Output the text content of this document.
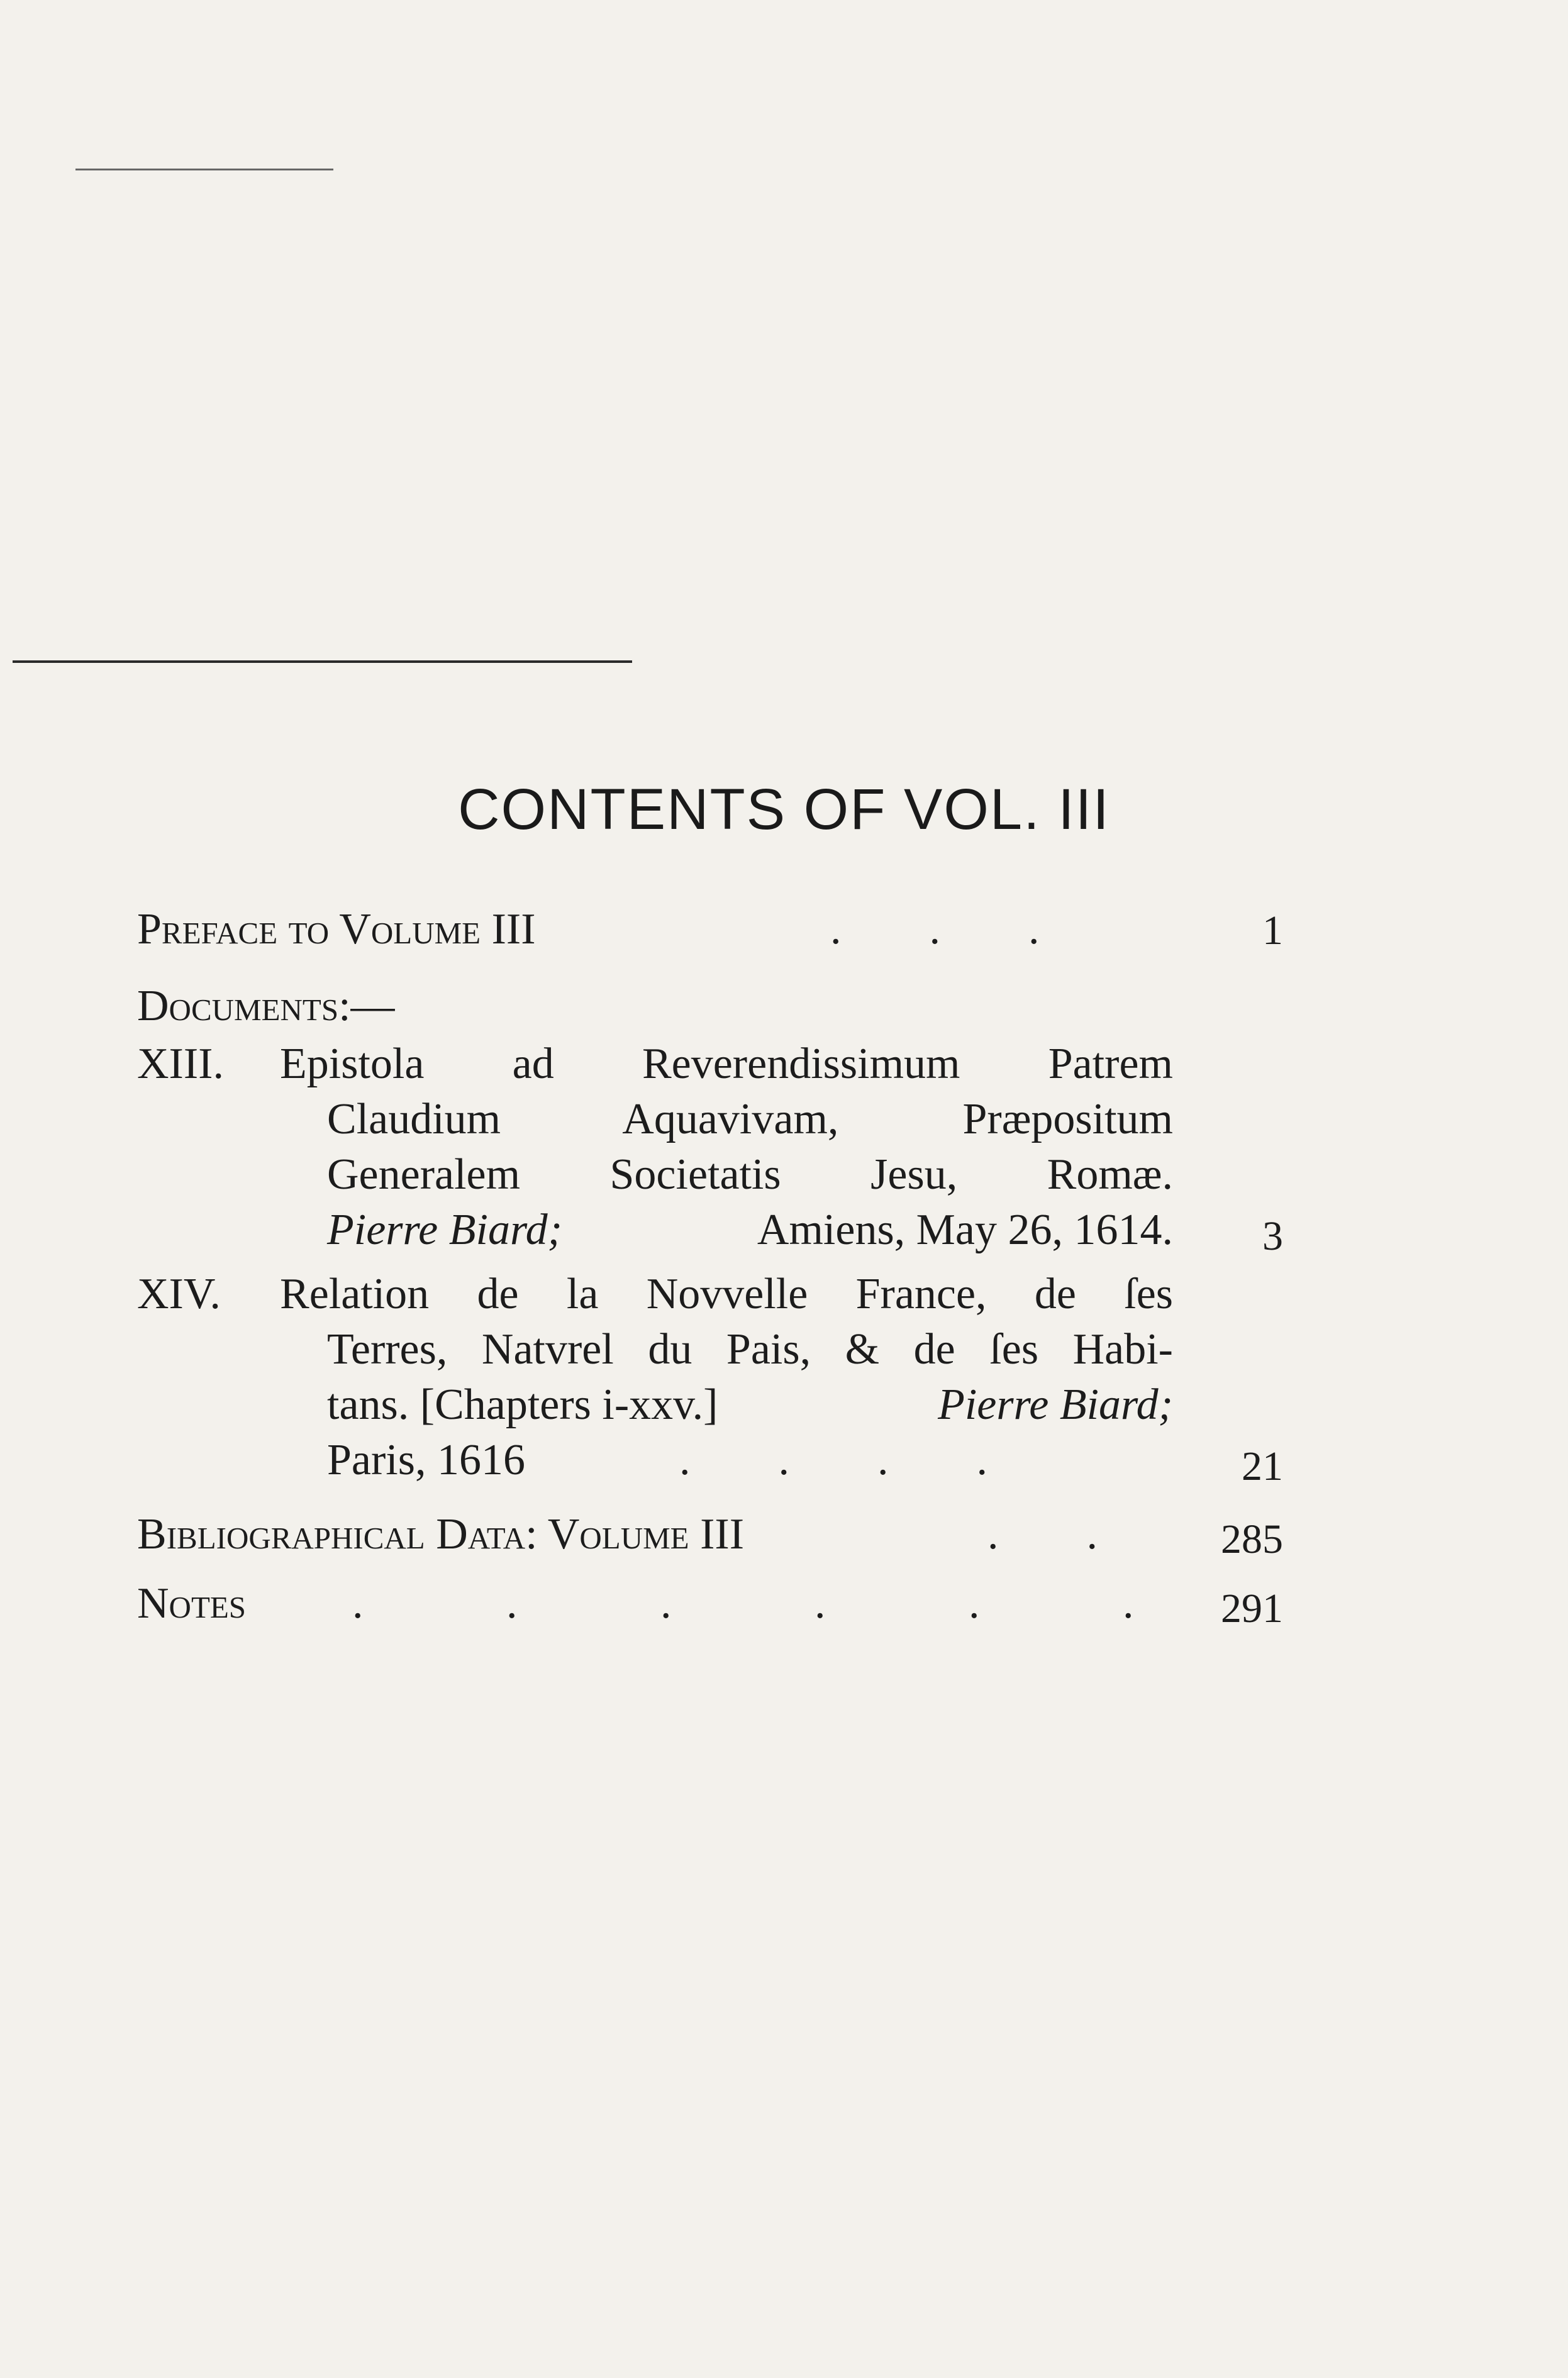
CONTENTS OF VOL. III
Preface to Volume III	.        .        .	1
Documents:—
XIII. Epistola ad Reverendissimum Patrem
Claudium Aquavivam, Præpositum
Generalem Societatis Jesu, Romæ.
Pierre Biard;	Amiens, May 26, 1614.	3
XIV. Relation de la Novvelle France, de ſes
Terres, Natvrel du Pais, & de ſes Habi-
tans. [Chapters i-xxv.]	Pierre Biard;
Paris, 1616	.        .        .        .	21
Bibliographical Data: Volume III	.        .	285
Notes .             .             .             .             .             .	291
